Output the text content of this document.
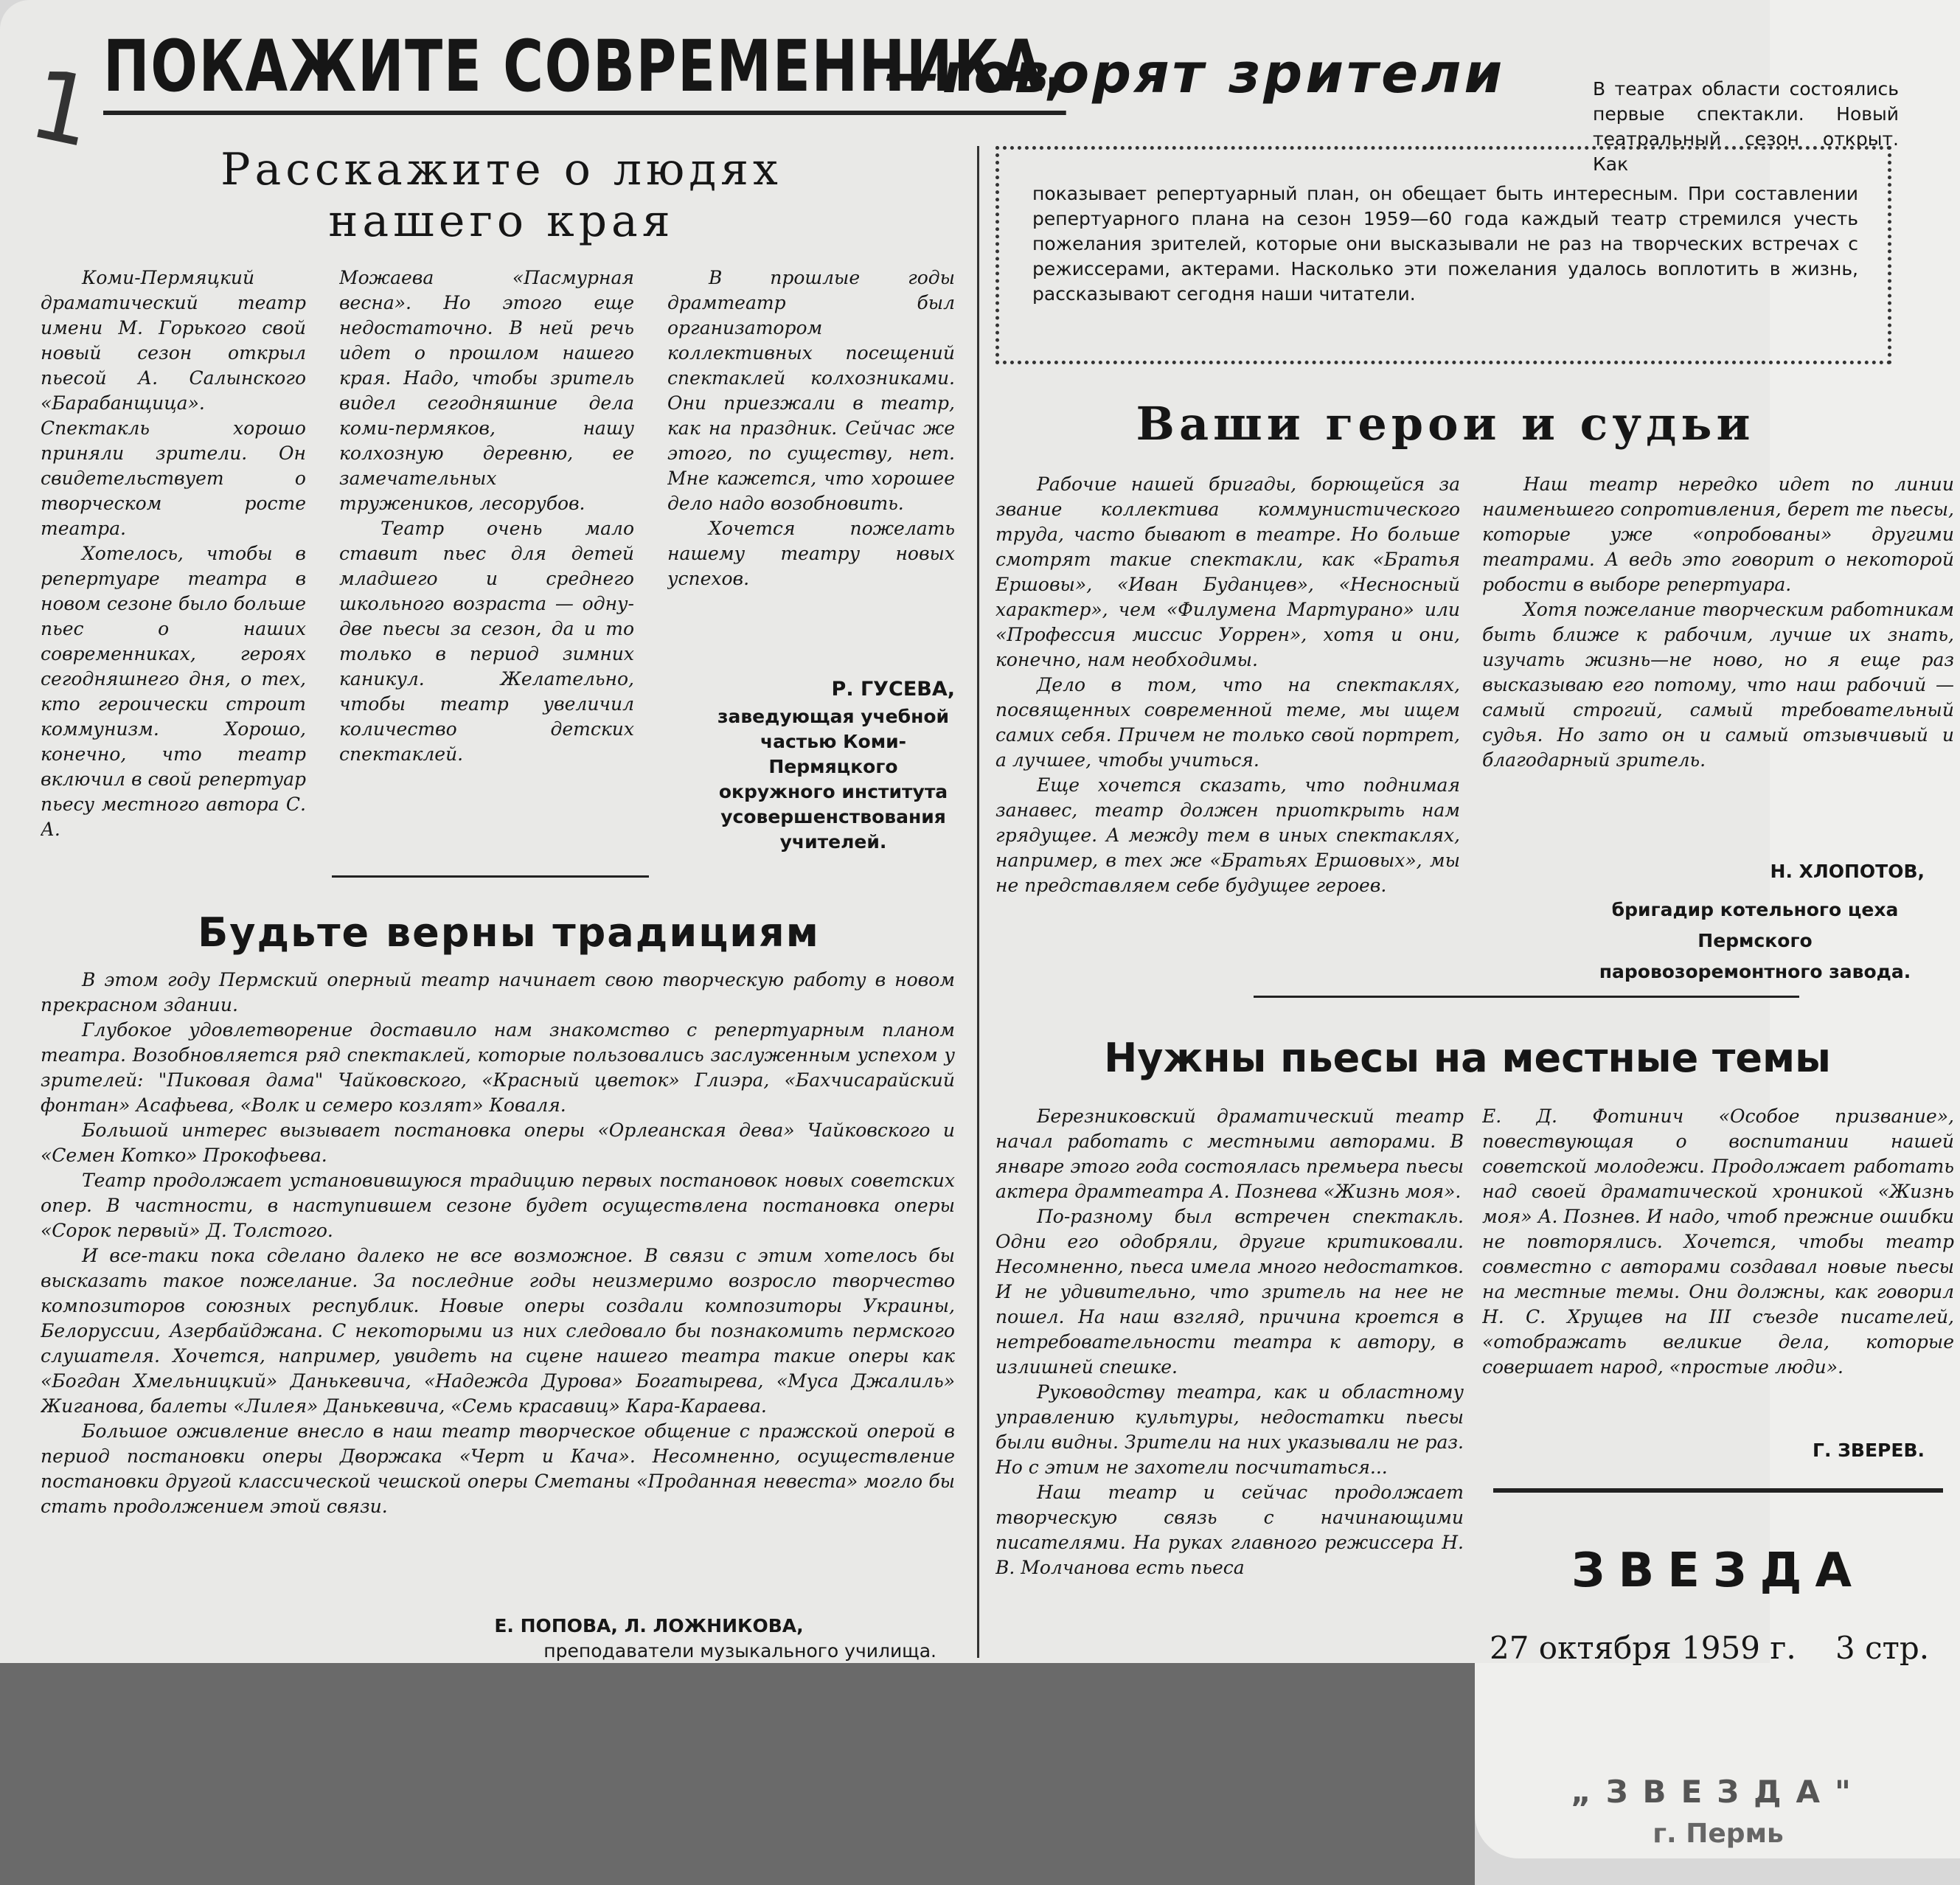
1 ПОКАЖИТЕ СОВРЕМЕННИКА,
—говорят зрители	В театрах области состоялись первые спектакли. Новый театральный сезон открыт. Как
показывает репертуарный план, он обещает быть интересным. При составлении репертуарного плана на сезон 1959—60 года каждый театр стремился учесть пожелания зрителей, которые они высказывали не раз на творческих встречах с режиссерами, актерами. Насколько эти пожелания удалось воплотить в жизнь, рассказывают сегодня наши читатели.
Расскажите о людях нашего края

Коми-Пермяцкий драматический театр имени М. Горького свой новый сезон открыл пьесой А. Салынского «Барабанщица». Спектакль хорошо приняли зрители. Он свидетельствует о творческом росте театра.

Хотелось, чтобы в репертуаре театра в новом сезоне было больше пьес о наших современниках, героях сегодняшнего дня, о тех, кто героически строит коммунизм. Хорошо, конечно, что театр включил в свой репертуар пьесу местного автора С. А.

Можаева «Пасмурная весна». Но этого еще недостаточно. В ней речь идет о прошлом нашего края. Надо, чтобы зритель видел сегодняшние дела коми-пермяков, нашу колхозную деревню, ее замечательных тружеников, лесорубов.

Театр очень мало ставит пьес для детей младшего и среднего школьного возраста — одну-две пьесы за сезон, да и то только в период зимних каникул. Желательно, чтобы театр увеличил количество детских спектаклей.

В прошлые годы драмтеатр был организатором коллективных посещений спектаклей колхозниками. Они приезжали в театр, как на праздник. Сейчас же этого, по существу, нет. Мне кажется, что хорошее дело надо возобновить.

Хочется пожелать нашему театру новых успехов.

Р. ГУСЕВА,
заведующая учебной частью Коми-Пермяцкого окружного института усовершенствования учителей.
Будьте верны традициям

В этом году Пермский оперный театр начинает свою творческую работу в новом прекрасном здании.

Глубокое удовлетворение доставило нам знакомство с репертуарным планом театра. Возобновляется ряд спектаклей, которые пользовались заслуженным успехом у зрителей: "Пиковая дама" Чайковского, «Красный цветок» Глиэра, «Бахчисарайский фонтан» Асафьева, «Волк и семеро козлят» Коваля.

Большой интерес вызывает постановка оперы «Орлеанская дева» Чайковского и «Семен Котко» Прокофьева.

Театр продолжает установившуюся традицию первых постановок новых советских опер. В частности, в наступившем сезоне будет осуществлена постановка оперы «Сорок первый» Д. Толстого.

И все-таки пока сделано далеко не все возможное. В связи с этим хотелось бы высказать такое пожелание. За последние годы неизмеримо возросло творчество композиторов союзных республик. Новые оперы создали композиторы Украины, Белоруссии, Азербайджана. С некоторыми из них следовало бы познакомить пермского слушателя. Хочется, например, увидеть на сцене нашего театра такие оперы как «Богдан Хмельницкий» Данькевича, «Надежда Дурова» Богатырева, «Муса Джалиль» Жиганова, балеты «Лилея» Данькевича, «Семь красавиц» Кара-Караева.

Большое оживление внесло в наш театр творческое общение с пражской оперой в период постановки оперы Дворжака «Черт и Кача». Несомненно, осуществление постановки другой классической чешской оперы Сметаны «Проданная невеста» могло бы стать продолжением этой связи.

Е. ПОПОВА, Л. ЛОЖНИКОВА,
преподаватели музыкального училища.
Ваши герои и судьи

Рабочие нашей бригады, борющейся за звание коллектива коммунистического труда, часто бывают в театре. Но больше смотрят такие спектакли, как «Братья Ершовы», «Иван Буданцев», «Несносный характер», чем «Филумена Мартурано» или «Профессия миссис Уоррен», хотя и они, конечно, нам необходимы.

Дело в том, что на спектаклях, посвященных современной теме, мы ищем самих себя. Причем не только свой портрет, а лучшее, чтобы учиться.

Еще хочется сказать, что поднимая занавес, театр должен приоткрыть нам грядущее. А между тем в иных спектаклях, например, в тех же «Братьях Ершовых», мы не представляем себе будущее героев.

Наш театр нередко идет по линии наименьшего сопротивления, берет те пьесы, которые уже «опробованы» другими театрами. А ведь это говорит о некоторой робости в выборе репертуара.

Хотя пожелание творческим работникам быть ближе к рабочим, лучше их знать, изучать жизнь—не ново, но я еще раз высказываю его потому, что наш рабочий — самый строгий, самый требовательный судья. Но зато он и самый отзывчивый и благодарный зритель.

Н. ХЛОПОТОВ,
бригадир котельного цеха Пермского паровозоремонтного завода.
Нужны пьесы на местные темы

Березниковский драматический театр начал работать с местными авторами. В январе этого года состоялась премьера пьесы актера драмтеатра А. Познева «Жизнь моя».

По-разному был встречен спектакль. Одни его одобряли, другие критиковали. Несомненно, пьеса имела много недостатков. И не удивительно, что зритель на нее не пошел. На наш взгляд, причина кроется в нетребовательности театра к автору, в излишней спешке.

Руководству театра, как и областному управлению культуры, недостатки пьесы были видны. Зрители на них указывали не раз. Но с этим не захотели посчитаться...

Наш театр и сейчас продолжает творческую связь с начинающими писателями. На руках главного режиссера Н. В. Молчанова есть пьеса

Е. Д. Фотинич «Особое призвание», повествующая о воспитании нашей советской молодежи. Продолжает работать над своей драматической хроникой «Жизнь моя» А. Познев. И надо, чтоб прежние ошибки не повторялись. Хочется, чтобы театр совместно с авторами создавал новые пьесы на местные темы. Они должны, как говорил Н. С. Хрущев на III съезде писателей, «отображать великие дела, которые совершает народ, «простые люди».

Г. ЗВЕРЕВ.
ЗВЕЗДА
27 октября 1959 г. 3 стр.
„ЗВЕЗДА"
г. Пермь
